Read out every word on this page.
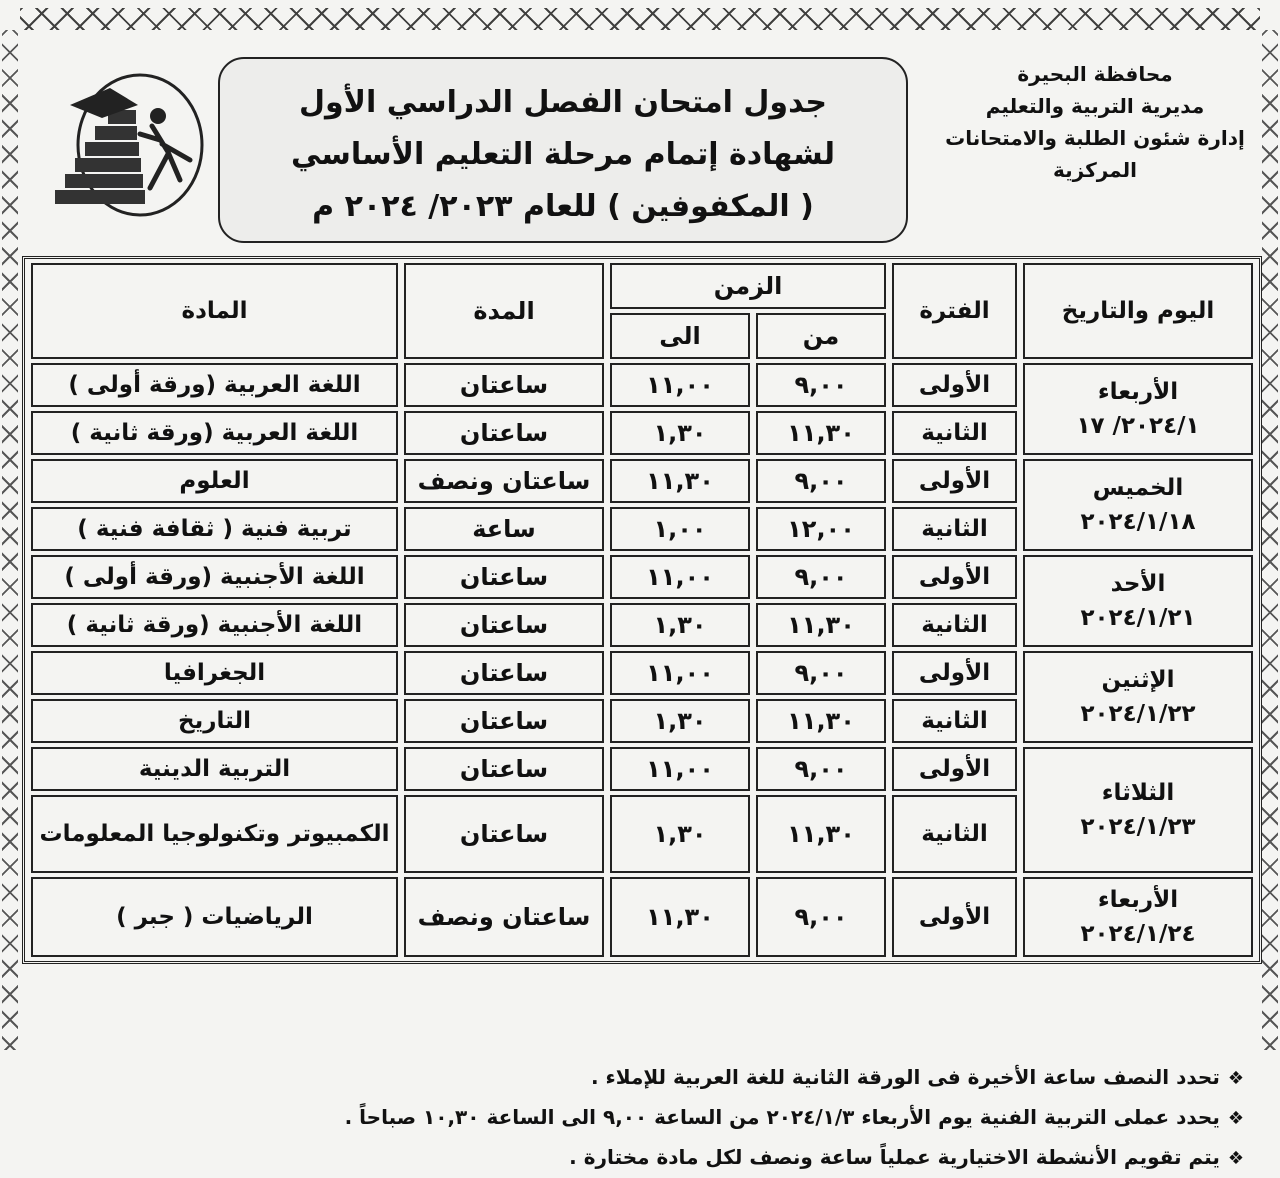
محافظة البحيرة
مديرية التربية والتعليم
إدارة شئون الطلبة والامتحانات
المركزية
جدول امتحان الفصل الدراسي الأول
لشهادة إتمام مرحلة التعليم الأساسي
( المكفوفين ) للعام ٢٠٢٣/ ٢٠٢٤ م
اليوم والتاريخ	الفترة	الزمن		المدة	المادة
		من	الى		

الأربعاء
٢٠٢٤/١/ ١٧	الأولى	٩,٠٠	١١,٠٠	ساعتان	اللغة العربية (ورقة أولى )
	الثانية	١١,٣٠	١,٣٠	ساعتان	اللغة العربية (ورقة ثانية )

الخميس
٢٠٢٤/١/١٨	الأولى	٩,٠٠	١١,٣٠	ساعتان ونصف	العلوم
	الثانية	١٢,٠٠	١,٠٠	ساعة	تربية فنية ( ثقافة فنية )

الأحد
٢٠٢٤/١/٢١	الأولى	٩,٠٠	١١,٠٠	ساعتان	اللغة الأجنبية (ورقة أولى )
	الثانية	١١,٣٠	١,٣٠	ساعتان	اللغة الأجنبية (ورقة ثانية )

الإثنين
٢٠٢٤/١/٢٢	الأولى	٩,٠٠	١١,٠٠	ساعتان	الجغرافيا
	الثانية	١١,٣٠	١,٣٠	ساعتان	التاريخ

الثلاثاء
٢٠٢٤/١/٢٣	الأولى	٩,٠٠	١١,٠٠	ساعتان	التربية الدينية
	الثانية	١١,٣٠	١,٣٠	ساعتان	الكمبيوتر وتكنولوجيا المعلومات

الأربعاء
٢٠٢٤/١/٢٤	الأولى	٩,٠٠	١١,٣٠	ساعتان ونصف	الرياضيات ( جبر )
❖تحدد النصف ساعة الأخيرة فى الورقة الثانية للغة العربية للإملاء .
❖يحدد عملى التربية الفنية يوم الأربعاء ٢٠٢٤/١/٣ من الساعة ٩,٠٠ الى الساعة ١٠,٣٠ صباحاً .
❖يتم تقويم الأنشطة الاختيارية عملياً ساعة ونصف لكل مادة مختارة .
